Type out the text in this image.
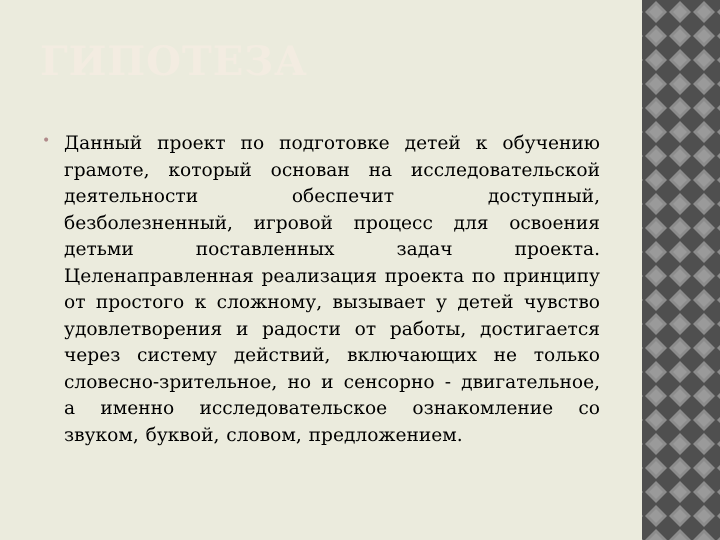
ГИПОТЕЗА
• Данный проект по подготовке детей к обучению грамоте, который основан на исследовательской деятельности обеспечит доступный, безболезненный, игровой процесс для освоения детьми поставленных задач проекта. Целенаправленная реализация проекта по принципу от простого к сложному, вызывает у детей чувство удовлетворения и радости от работы, достигается через систему действий, включающих не только словесно-зрительное, но и сенсорно - двигательное, а именно исследовательское ознакомление со звуком, буквой, словом, предложением.
